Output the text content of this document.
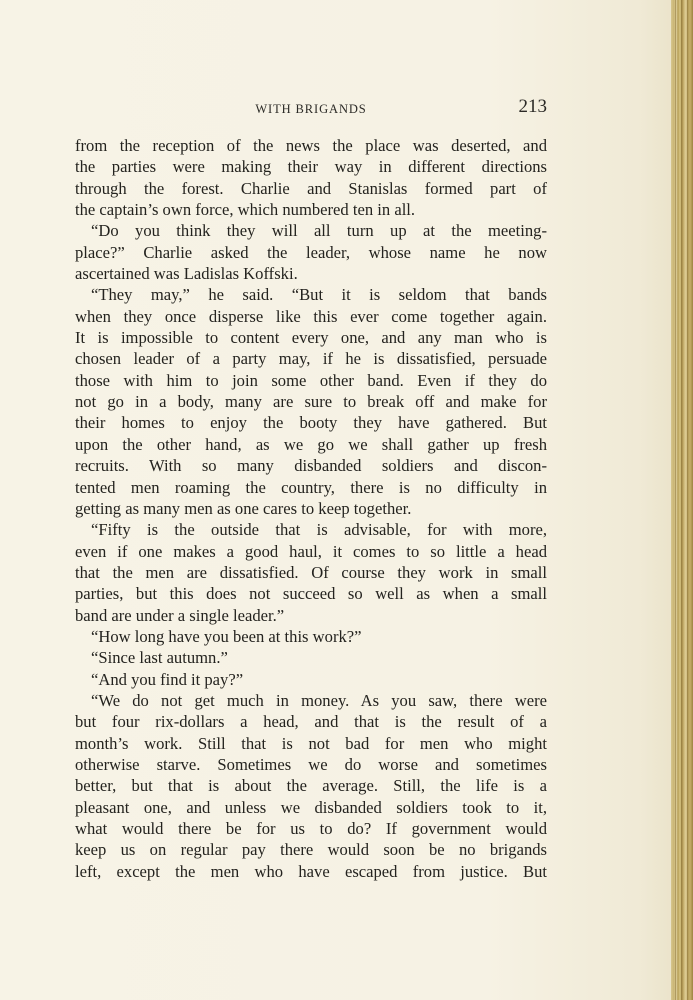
WITH BRIGANDS	213
from the reception of the news the place was deserted, and
the parties were making their way in different directions
through the forest. Charlie and Stanislas formed part of
the captain’s own force, which numbered ten in all.
“Do you think they will all turn up at the meeting-
place?” Charlie asked the leader, whose name he now
ascertained was Ladislas Koffski.
“They may,” he said. “But it is seldom that bands
when they once disperse like this ever come together again.
It is impossible to content every one, and any man who is
chosen leader of a party may, if he is dissatisfied, persuade
those with him to join some other band. Even if they do
not go in a body, many are sure to break off and make for
their homes to enjoy the booty they have gathered. But
upon the other hand, as we go we shall gather up fresh
recruits. With so many disbanded soldiers and discon-
tented men roaming the country, there is no difficulty in
getting as many men as one cares to keep together.
“Fifty is the outside that is advisable, for with more,
even if one makes a good haul, it comes to so little a head
that the men are dissatisfied. Of course they work in small
parties, but this does not succeed so well as when a small
band are under a single leader.”
“How long have you been at this work?”
“Since last autumn.”
“And you find it pay?”
“We do not get much in money. As you saw, there were
but four rix-dollars a head, and that is the result of a
month’s work. Still that is not bad for men who might
otherwise starve. Sometimes we do worse and sometimes
better, but that is about the average. Still, the life is a
pleasant one, and unless we disbanded soldiers took to it,
what would there be for us to do? If government would
keep us on regular pay there would soon be no brigands
left, except the men who have escaped from justice. But
